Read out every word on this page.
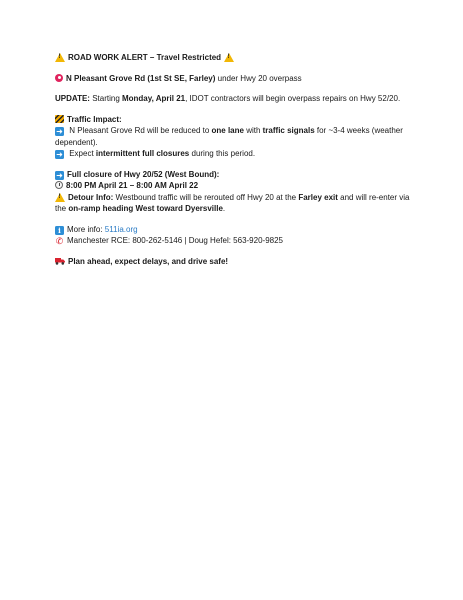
!ROAD WORK ALERT – Travel Restricted !

N Pleasant Grove Rd (1st St SE, Farley) under Hwy 20 overpass

UPDATE: Starting Monday, April 21, IDOT contractors will begin overpass repairs on Hwy 52/20.

Traffic Impact:

➜ N Pleasant Grove Rd will be reduced to one lane with traffic signals for ~3-4 weeks (weather dependent).

➜ Expect intermittent full closures during this period.

➜ Full closure of Hwy 20/52 (West Bound):

8:00 PM April 21 – 8:00 AM April 22

!Detour Info: Westbound traffic will be rerouted off Hwy 20 at the Farley exit and will re-enter via the on-ramp heading West toward Dyersville.

i More info: 511ia.org

✆ Manchester RCE: 800-262-5146 | Doug Hefel: 563-920-9825

Plan ahead, expect delays, and drive safe!
